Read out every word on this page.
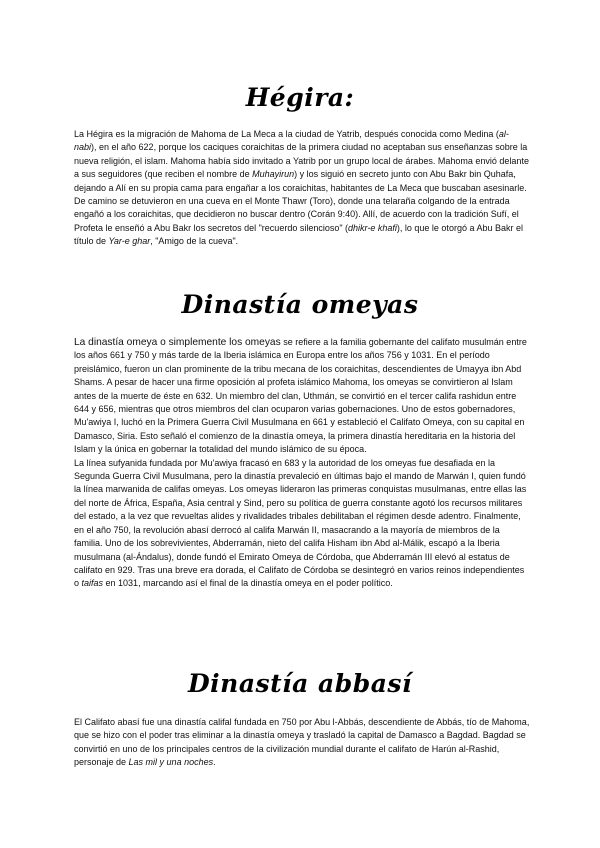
Hégira:

La Hégira es la migración de Mahoma de La Meca a la ciudad de Yatrib, después conocida como Medina (al-nabi), en el año 622, porque los caciques coraichitas de la primera ciudad no aceptaban sus enseñanzas sobre la nueva religión, el islam. Mahoma había sido invitado a Yatrib por un grupo local de árabes. Mahoma envió delante a sus seguidores (que reciben el nombre de Muhayirun) y los siguió en secreto junto con Abu Bakr bin Quhafa, dejando a Alí en su propia cama para engañar a los coraichitas, habitantes de La Meca que buscaban asesinarle. De camino se detuvieron en una cueva en el Monte Thawr (Toro), donde una telaraña colgando de la entrada engañó a los coraichitas, que decidieron no buscar dentro (Corán 9:40). Allí, de acuerdo con la tradición Sufí, el Profeta le enseñó a Abu Bakr los secretos del "recuerdo silencioso" (dhikr-e khafi), lo que le otorgó a Abu Bakr el título de Yar-e ghar, "Amigo de la cueva".

Dinastía omeyas

La dinastía omeya o simplemente los omeyas se refiere a la familia gobernante del califato musulmán entre los años 661 y 750 y más tarde de la Iberia islámica en Europa entre los años 756 y 1031. En el período preislámico, fueron un clan prominente de la tribu mecana de los coraichitas, descendientes de Umayya ibn Abd Shams. A pesar de hacer una firme oposición al profeta islámico Mahoma, los omeyas se convirtieron al Islam antes de la muerte de éste en 632. Un miembro del clan, Uthmán, se convirtió en el tercer califa rashidun entre 644 y 656, mientras que otros miembros del clan ocuparon varias gobernaciones. Uno de estos gobernadores, Mu'awiya I, luchó en la Primera Guerra Civil Musulmana en 661 y estableció el Califato Omeya, con su capital en Damasco, Siria. Esto señaló el comienzo de la dinastía omeya, la primera dinastía hereditaria en la historia del Islam y la única en gobernar la totalidad del mundo islámico de su época.

La línea sufyanida fundada por Mu'awiya fracasó en 683 y la autoridad de los omeyas fue desafiada en la Segunda Guerra Civil Musulmana, pero la dinastía prevaleció en últimas bajo el mando de Marwán I, quien fundó la línea marwanida de califas omeyas. Los omeyas lideraron las primeras conquistas musulmanas, entre ellas las del norte de África, España, Asia central y Sind, pero su política de guerra constante agotó los recursos militares del estado, a la vez que revueltas alides y rivalidades tribales debilitaban el régimen desde adentro. Finalmente, en el año 750, la revolución abasí derrocó al califa Marwán II, masacrando a la mayoría de miembros de la familia. Uno de los sobrevivientes, Abderramán, nieto del califa Hisham ibn Abd al-Málik, escapó a la Iberia musulmana (al-Ándalus), donde fundó el Emirato Omeya de Córdoba, que Abderramán III elevó al estatus de califato en 929. Tras una breve era dorada, el Califato de Córdoba se desintegró en varios reinos independientes o taifas en 1031, marcando así el final de la dinastía omeya en el poder político.

Dinastía abbasí

El Califato abasí fue una dinastía califal fundada en 750 por Abu l-Abbás, descendiente de Abbás, tío de Mahoma, que se hizo con el poder tras eliminar a la dinastía omeya y trasladó la capital de Damasco a Bagdad. Bagdad se convirtió en uno de los principales centros de la civilización mundial durante el califato de Harún al-Rashid, personaje de Las mil y una noches.
